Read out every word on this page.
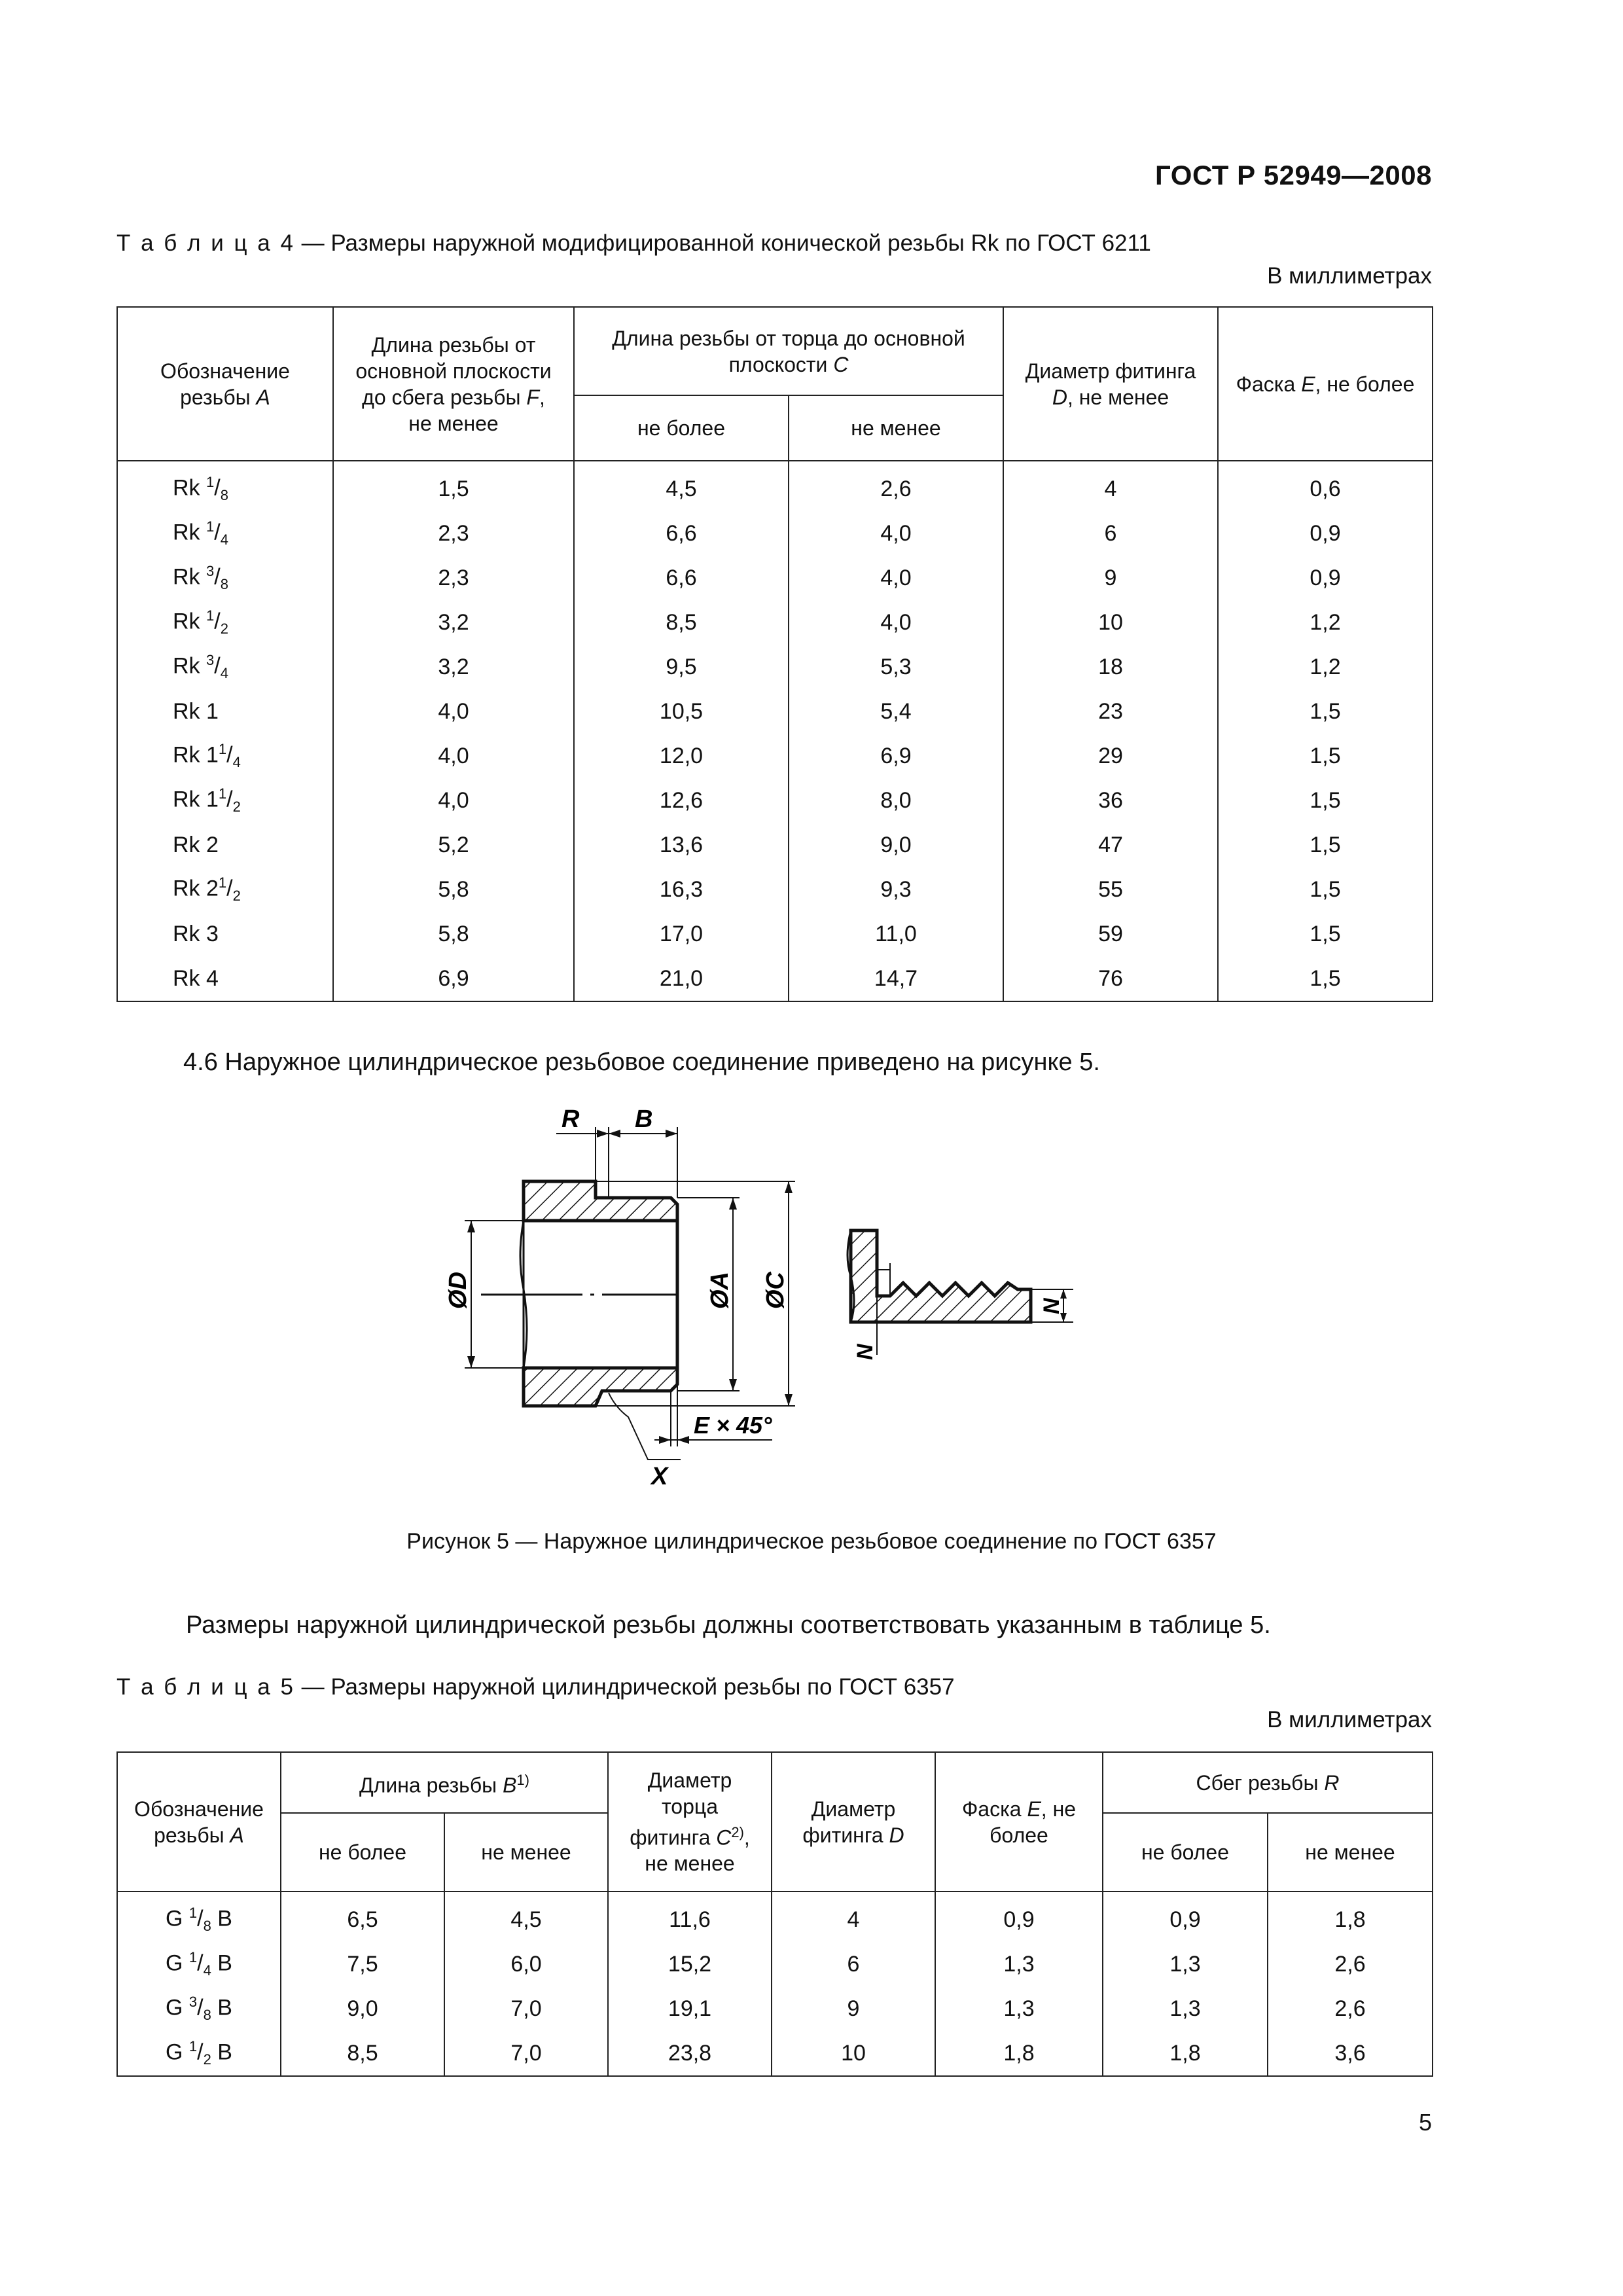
ГОСТ Р 52949—2008
Т а б л и ц а 4 — Размеры наружной модифицированной конической резьбы Rk по ГОСТ 6211
В миллиметрах
Обозначение
резьбы A	Длина резьбы от
основной плоскости
до сбега резьбы F,
не менее	Длина резьбы от торца до основной
плоскости C		Диаметр фитинга
D, не менее	Фаска E, не более
		не более	не менее		

Rk $^1/_8$	1,5	4,5	2,6	4	0,6
Rk $^1/_4$	2,3	6,6	4,0	6	0,9
Rk $^3/_8$	2,3	6,6	4,0	9	0,9
Rk $^1/_2$	3,2	8,5	4,0	10	1,2
Rk $^3/_4$	3,2	9,5	5,3	18	1,2
Rk 1	4,0	10,5	5,4	23	1,5
Rk $1^1/_4$	4,0	12,0	6,9	29	1,5
Rk $1^1/_2$	4,0	12,6	8,0	36	1,5
Rk 2	5,2	13,6	9,0	47	1,5
Rk $2^1/_2$	5,8	16,3	9,3	55	1,5
Rk 3	5,8	17,0	11,0	59	1,5
Rk 4	6,9	21,0	14,7	76	1,5
4.6 Наружное цилиндрическое резьбовое соединение приведено на рисунке 5.
R B
ØD	ØA ØC
E × 45°
X
N
N
Рисунок 5 — Наружное цилиндрическое резьбовое соединение по ГОСТ 6357
Размеры наружной цилиндрической резьбы должны соответствовать указанным в таблице 5.
Т а б л и ц а 5 — Размеры наружной цилиндрической резьбы по ГОСТ 6357
В миллиметрах
Обозначение
резьбы A	Длина резьбы $B^{1)}$		Диаметр
торца
фитинга $C^{2)}$,
не менее	Диаметр
фитинга D	Фаска E, не
более	Сбег резьбы R	
	не более	не менее				не более	не менее

G $^1/_8$ B	6,5	4,5	11,6	4	0,9	0,9	1,8
G $^1/_4$ B	7,5	6,0	15,2	6	1,3	1,3	2,6
G $^3/_8$ B	9,0	7,0	19,1	9	1,3	1,3	2,6
G $^1/_2$ B	8,5	7,0	23,8	10	1,8	1,8	3,6
5
